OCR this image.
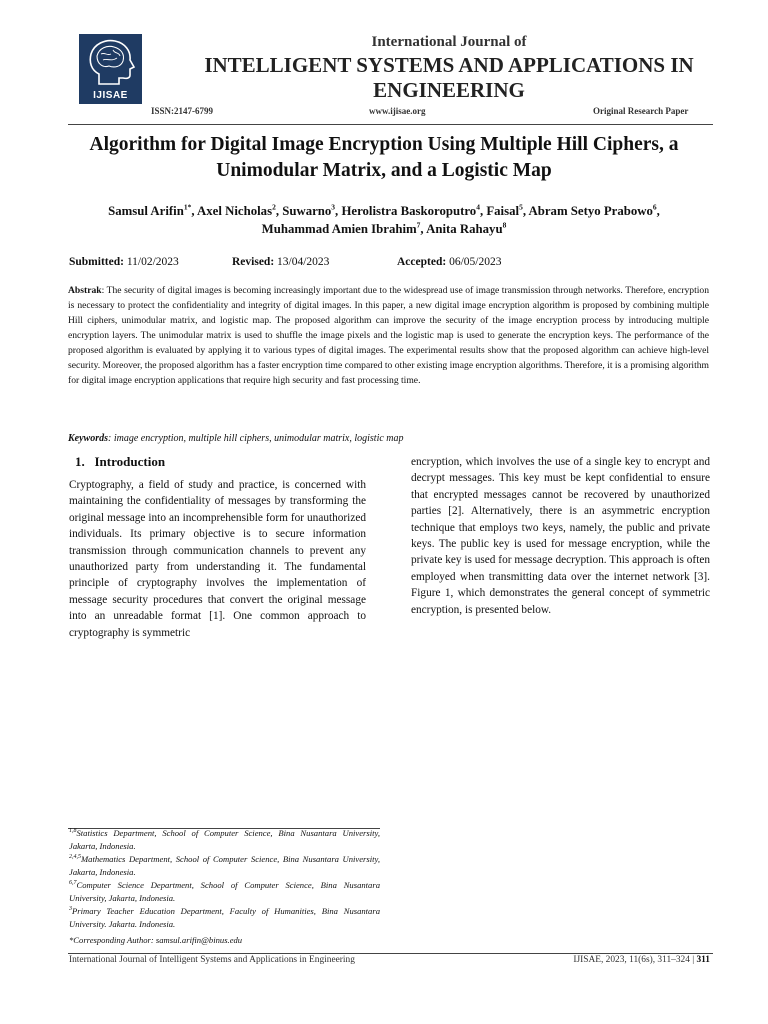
IJISAE
International Journal of
INTELLIGENT SYSTEMS AND APPLICATIONS IN
ENGINEERING
ISSN:2147-6799	www.ijisae.org	Original Research Paper
Algorithm for Digital Image Encryption Using Multiple Hill Ciphers, a
Unimodular Matrix, and a Logistic Map
Samsul Arifin$^{1*}$, Axel Nicholas$^2$, Suwarno$^3$, Herolistra Baskoroputro$^4$, Faisal$^5$, Abram Setyo Prabowo$^6$,
Muhammad Amien Ibrahim$^7$, Anita Rahayu$^8$
Submitted: 11/02/2023	Revised: 13/04/2023	Accepted: 06/05/2023
Abstrak: The security of digital images is becoming increasingly important due to the widespread use of image transmission through networks. Therefore, encryption is necessary to protect the confidentiality and integrity of digital images. In this paper, a new digital image encryption algorithm is proposed by combining multiple Hill ciphers, unimodular matrix, and logistic map. The proposed algorithm can improve the security of the image encryption process by introducing multiple encryption layers. The unimodular matrix is used to shuffle the image pixels and the logistic map is used to generate the encryption keys. The performance of the proposed algorithm is evaluated by applying it to various types of digital images. The experimental results show that the proposed algorithm can achieve high-level security. Moreover, the proposed algorithm has a faster encryption time compared to other existing image encryption algorithms. Therefore, it is a promising algorithm for digital image encryption applications that require high security and fast processing time.
Keywords: image encryption, multiple hill ciphers, unimodular matrix, logistic map
1.   Introduction
Cryptography, a field of study and practice, is concerned with maintaining the confidentiality of messages by transforming the original message into an incomprehensible form for unauthorized individuals. Its primary objective is to secure information transmission through communication channels to prevent any unauthorized party from understanding it. The fundamental principle of cryptography involves the implementation of message security procedures that convert the original message into an unreadable format [1]. One common approach to cryptography is symmetric
encryption, which involves the use of a single key to encrypt and decrypt messages. This key must be kept confidential to ensure that encrypted messages cannot be recovered by unauthorized parties [2]. Alternatively, there is an asymmetric encryption technique that employs two keys, namely, the public and private keys. The public key is used for message encryption, while the private key is used for message decryption. This approach is often employed when transmitting data over the internet network [3]. Figure 1, which demonstrates the general concept of symmetric encryption, is presented below.
$^{1,8}$Statistics Department, School of Computer Science, Bina Nusantara University, Jakarta, Indonesia.
$^{2,4,5}$Mathematics Department, School of Computer Science, Bina Nusantara University, Jakarta, Indonesia.
$^{6,7}$Computer Science Department, School of Computer Science, Bina Nusantara University, Jakarta, Indonesia.
$^3$Primary Teacher Education Department, Faculty of Humanities, Bina Nusantara University. Jakarta. Indonesia.
*Corresponding Author: samsul.arifin@binus.edu
International Journal of Intelligent Systems and Applications in Engineering	IJISAE, 2023, 11(6s), 311–324 | 311
